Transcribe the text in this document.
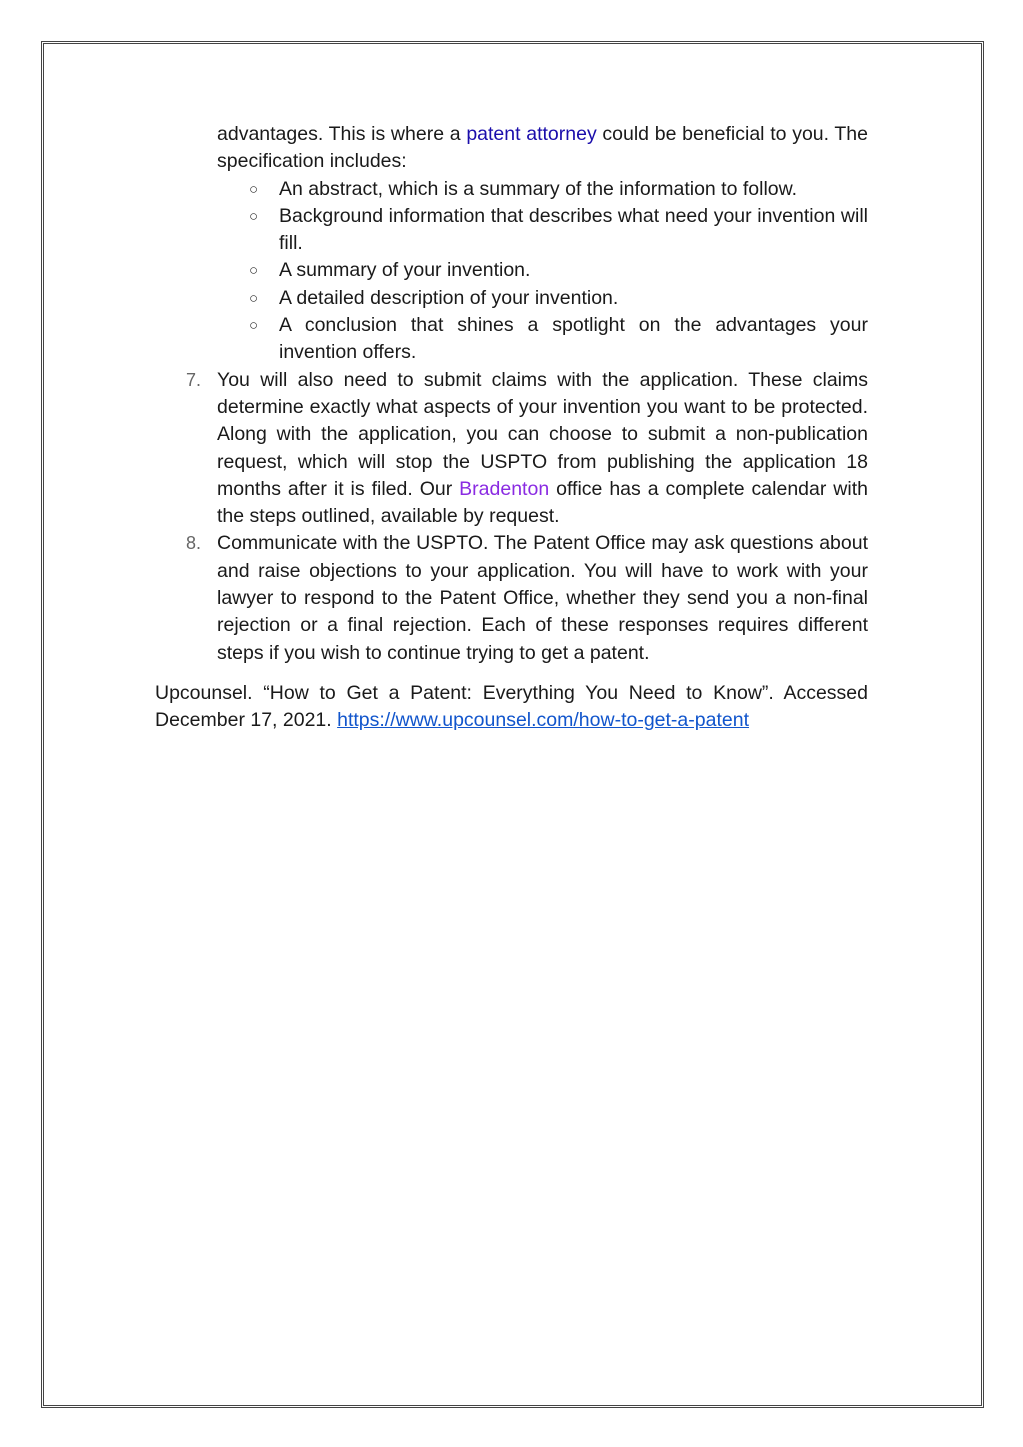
advantages. This is where a patent attorney could be beneficial to you. The specification includes:
○ An abstract, which is a summary of the information to follow.
○ Background information that describes what need your invention will fill.
○ A summary of your invention.
○ A detailed description of your invention.
○ A conclusion that shines a spotlight on the advantages your invention offers.
7. You will also need to submit claims with the application. These claims determine exactly what aspects of your invention you want to be protected. Along with the application, you can choose to submit a non-publication request, which will stop the USPTO from publishing the application 18 months after it is filed. Our Bradenton office has a complete calendar with the steps outlined, available by request.
8. Communicate with the USPTO. The Patent Office may ask questions about and raise objections to your application. You will have to work with your lawyer to respond to the Patent Office, whether they send you a non-final rejection or a final rejection. Each of these responses requires different steps if you wish to continue trying to get a patent.
Upcounsel. “How to Get a Patent: Everything You Need to Know”. Accessed December 17, 2021. https://www.upcounsel.com/how-to-get-a-patent
